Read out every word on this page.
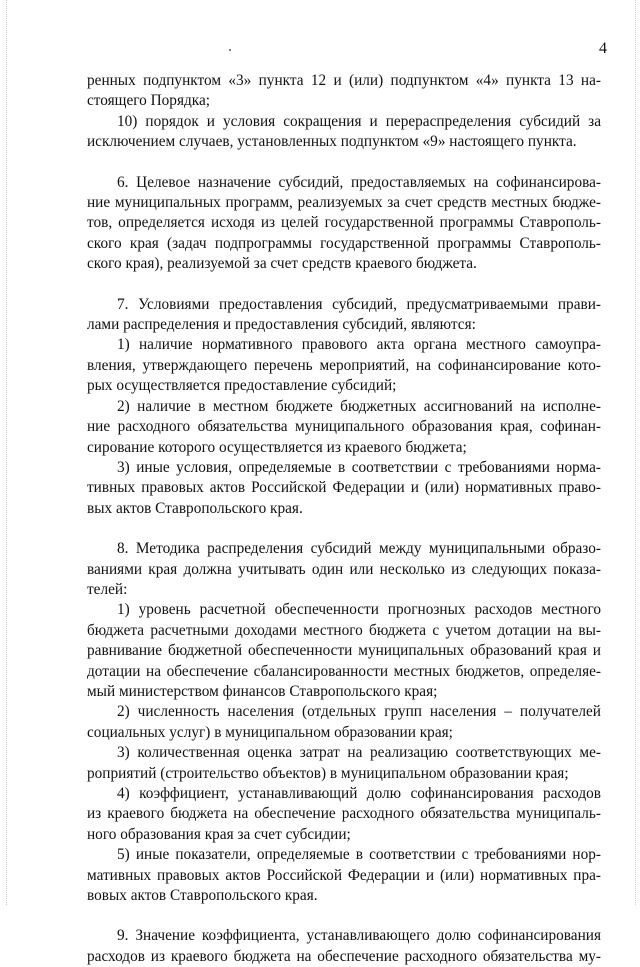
4
ренных подпунктом «3» пункта 12 и (или) подпунктом «4» пункта 13 на-
стоящего Порядка;
10) порядок и условия сокращения и перераспределения субсидий за
исключением случаев, установленных подпунктом «9» настоящего пункта.
6. Целевое назначение субсидий, предоставляемых на софинансирова-
ние муниципальных программ, реализуемых за счет средств местных бюдже-
тов, определяется исходя из целей государственной программы Ставрополь-
ского края (задач подпрограммы государственной программы Ставрополь-
ского края), реализуемой за счет средств краевого бюджета.
7. Условиями предоставления субсидий, предусматриваемыми прави-
лами распределения и предоставления субсидий, являются:
1) наличие нормативного правового акта органа местного самоупра-
вления, утверждающего перечень мероприятий, на софинансирование кото-
рых осуществляется предоставление субсидий;
2) наличие в местном бюджете бюджетных ассигнований на исполне-
ние расходного обязательства муниципального образования края, софинан-
сирование которого осуществляется из краевого бюджета;
3) иные условия, определяемые в соответствии с требованиями норма-
тивных правовых актов Российской Федерации и (или) нормативных право-
вых актов Ставропольского края.
8. Методика распределения субсидий между муниципальными образо-
ваниями края должна учитывать один или несколько из следующих показа-
телей:
1) уровень расчетной обеспеченности прогнозных расходов местного
бюджета расчетными доходами местного бюджета с учетом дотации на вы-
равнивание бюджетной обеспеченности муниципальных образований края и
дотации на обеспечение сбалансированности местных бюджетов, определяе-
мый министерством финансов Ставропольского края;
2) численность населения (отдельных групп населения – получателей
социальных услуг) в муниципальном образовании края;
3) количественная оценка затрат на реализацию соответствующих ме-
роприятий (строительство объектов) в муниципальном образовании края;
4) коэффициент, устанавливающий долю софинансирования расходов
из краевого бюджета на обеспечение расходного обязательства муниципаль-
ного образования края за счет субсидии;
5) иные показатели, определяемые в соответствии с требованиями нор-
мативных правовых актов Российской Федерации и (или) нормативных пра-
вовых актов Ставропольского края.
9. Значение коэффициента, устанавливающего долю софинансирования
расходов из краевого бюджета на обеспечение расходного обязательства му-
